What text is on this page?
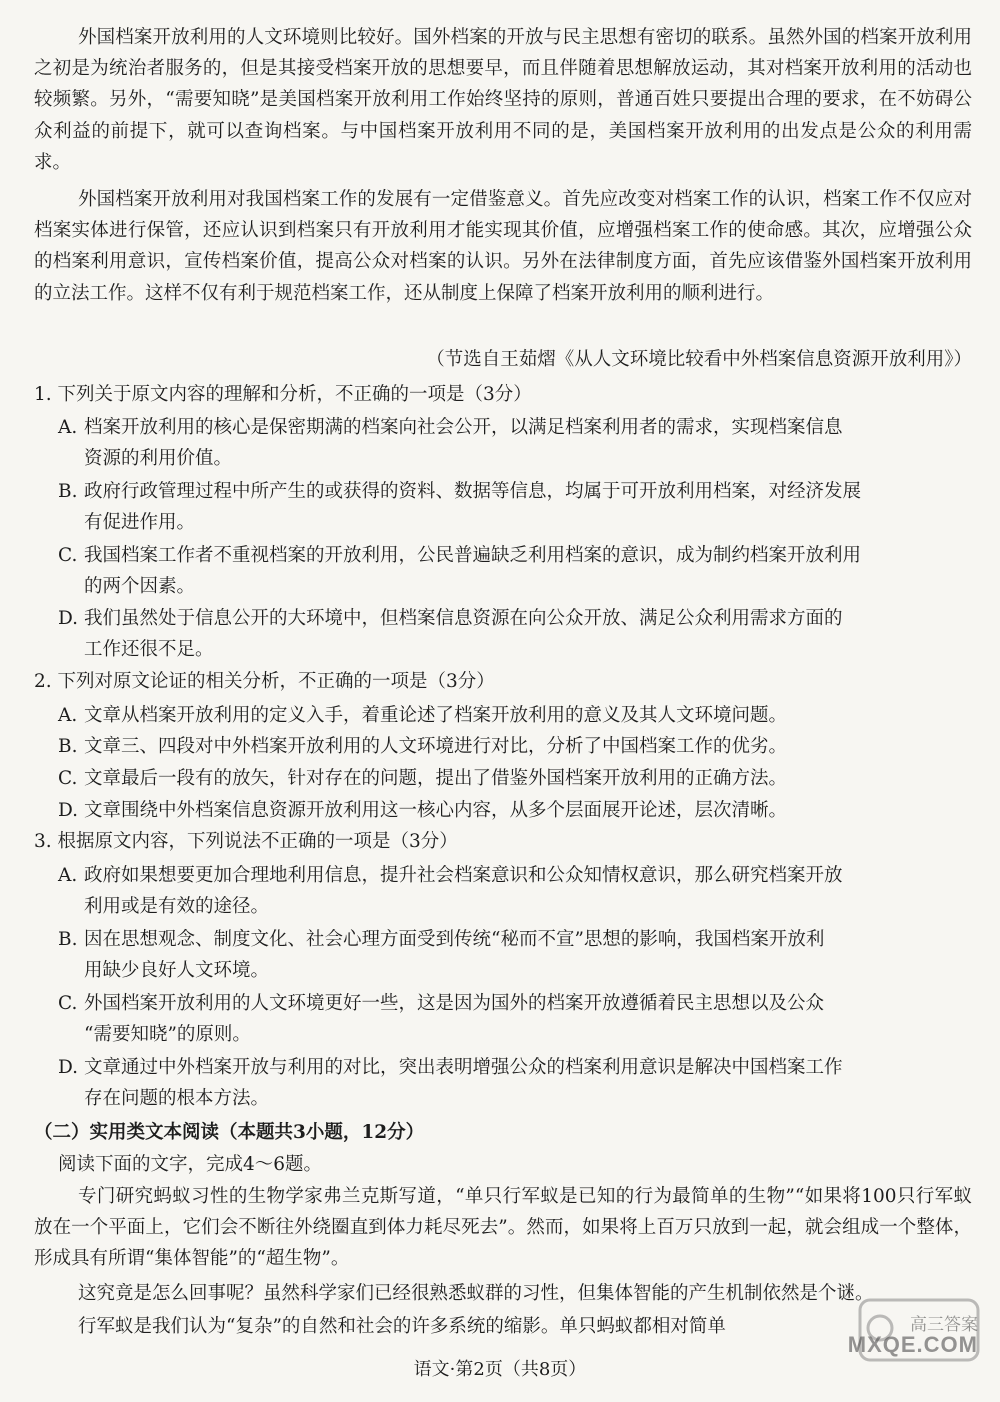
外国档案开放利用的人文环境则比较好。国外档案的开放与民主思想有密切的联系。虽然外国的档案开放利用之初是为统治者服务的，但是其接受档案开放的思想要早，而且伴随着思想解放运动，其对档案开放利用的活动也较频繁。另外，“需要知晓”是美国档案开放利用工作始终坚持的原则，普通百姓只要提出合理的要求，在不妨碍公众利益的前提下，就可以查询档案。与中国档案开放利用不同的是，美国档案开放利用的出发点是公众的利用需求。
外国档案开放利用对我国档案工作的发展有一定借鉴意义。首先应改变对档案工作的认识，档案工作不仅应对档案实体进行保管，还应认识到档案只有开放利用才能实现其价值，应增强档案工作的使命感。其次，应增强公众的档案利用意识，宣传档案价值，提高公众对档案的认识。另外在法律制度方面，首先应该借鉴外国档案开放利用的立法工作。这样不仅有利于规范档案工作，还从制度上保障了档案开放利用的顺利进行。
（节选自王茹熠《从人文环境比较看中外档案信息资源开放利用》）
1. 下列关于原文内容的理解和分析，不正确的一项是（3分）
A. 档案开放利用的核心是保密期满的档案向社会公开，以满足档案利用者的需求，实现档案信息
资源的利用价值。
B. 政府行政管理过程中所产生的或获得的资料、数据等信息，均属于可开放利用档案，对经济发展
有促进作用。
C. 我国档案工作者不重视档案的开放利用，公民普遍缺乏利用档案的意识，成为制约档案开放利用
的两个因素。
D. 我们虽然处于信息公开的大环境中，但档案信息资源在向公众开放、满足公众利用需求方面的
工作还很不足。
2. 下列对原文论证的相关分析，不正确的一项是（3分）
A. 文章从档案开放利用的定义入手，着重论述了档案开放利用的意义及其人文环境问题。
B. 文章三、四段对中外档案开放利用的人文环境进行对比，分析了中国档案工作的优劣。
C. 文章最后一段有的放矢，针对存在的问题，提出了借鉴外国档案开放利用的正确方法。
D. 文章围绕中外档案信息资源开放利用这一核心内容，从多个层面展开论述，层次清晰。
3. 根据原文内容，下列说法不正确的一项是（3分）
A. 政府如果想要更加合理地利用信息，提升社会档案意识和公众知情权意识，那么研究档案开放
利用或是有效的途径。
B. 因在思想观念、制度文化、社会心理方面受到传统“秘而不宣”思想的影响，我国档案开放利
用缺少良好人文环境。
C. 外国档案开放利用的人文环境更好一些，这是因为国外的档案开放遵循着民主思想以及公众
“需要知晓”的原则。
D. 文章通过中外档案开放与利用的对比，突出表明增强公众的档案利用意识是解决中国档案工作
存在问题的根本方法。
（二）实用类文本阅读（本题共3小题，12分）
阅读下面的文字，完成4～6题。
专门研究蚂蚁习性的生物学家弗兰克斯写道，“单只行军蚁是已知的行为最简单的生物”“如果将100只行军蚁放在一个平面上，它们会不断往外绕圈直到体力耗尽死去”。然而，如果将上百万只放到一起，就会组成一个整体，形成具有所谓“集体智能”的“超生物”。
这究竟是怎么回事呢？虽然科学家们已经很熟悉蚁群的习性，但集体智能的产生机制依然是个谜。
行军蚁是我们认为“复杂”的自然和社会的许多系统的缩影。单只蚂蚁都相对简单	高三答案
MXQE.COM
语文·第2页（共8页）
